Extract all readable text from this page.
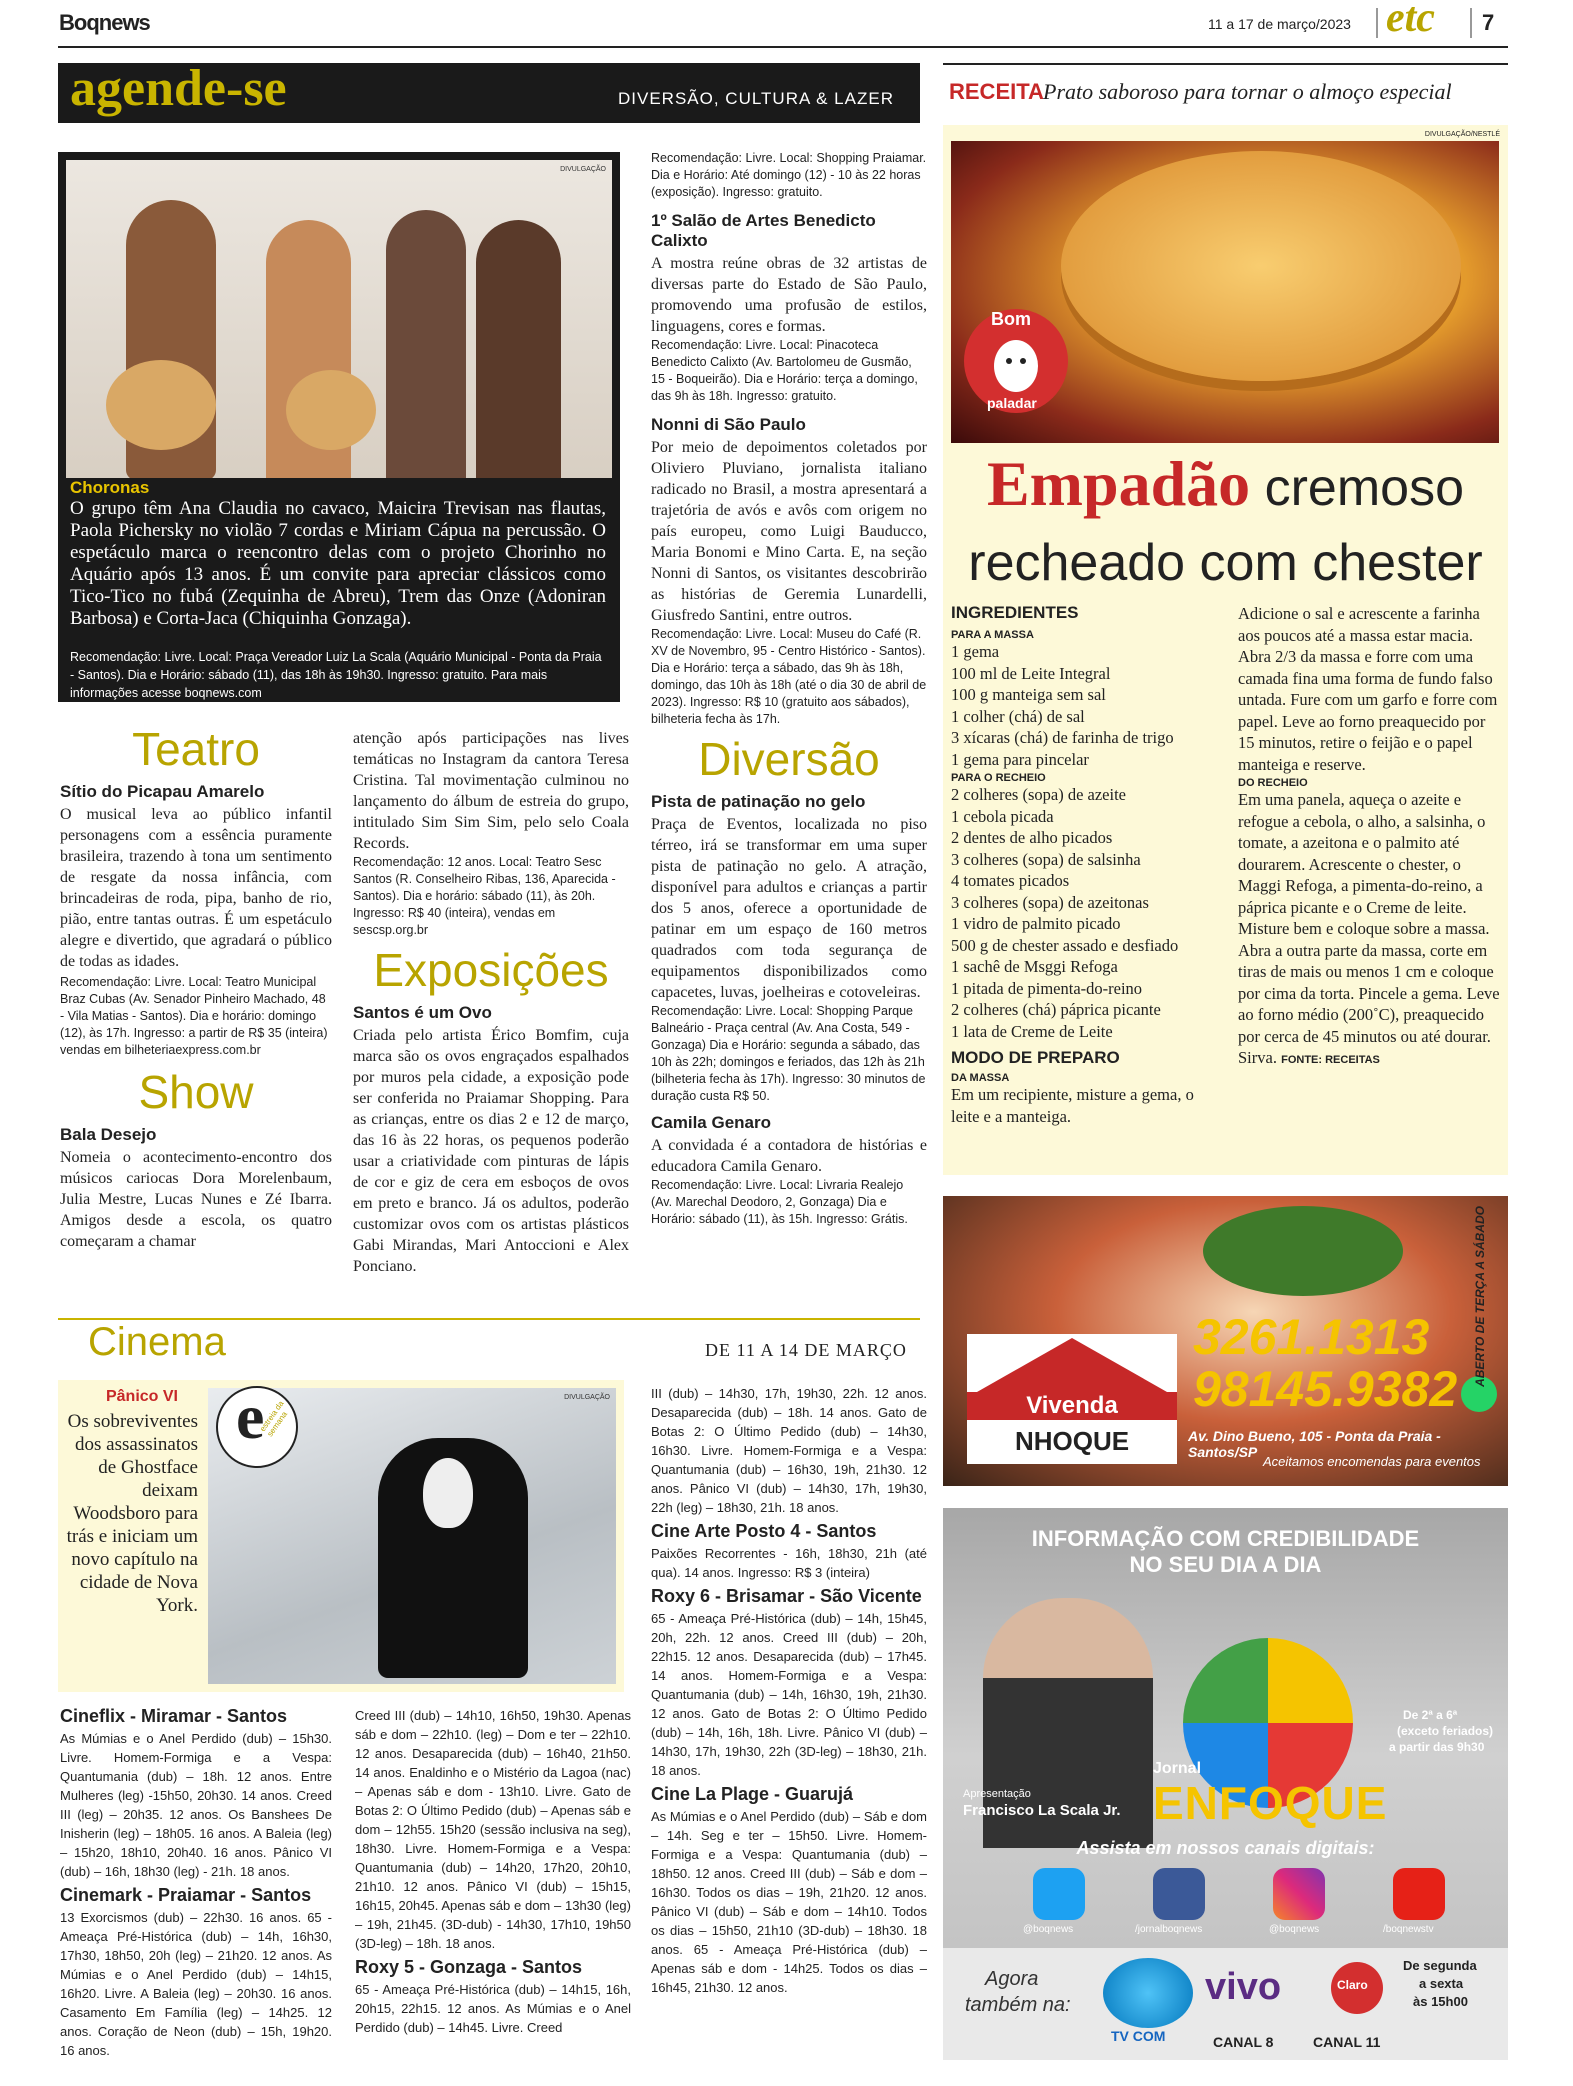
Boqnews	11 a 17 de março/2023 etc 7
agende-se	DIVERSÃO, CULTURA & LAZER
DIVULGAÇÃO
Choronas

O grupo têm Ana Claudia no cavaco, Maicira Trevisan nas flautas, Paola Pichersky no violão 7 cordas e Miriam Cápua na percussão. O espetáculo marca o reencontro delas com o projeto Chorinho no Aquário após 13 anos. É um convite para apreciar clássicos como Tico-Tico no fubá (Zequinha de Abreu), Trem das Onze (Adoniran Barbosa) e Corta-Jaca (Chiquinha Gonzaga).

Recomendação: Livre. Local: Praça Vereador Luiz La Scala (Aquário Municipal - Ponta da Praia - Santos). Dia e Horário: sábado (11), das 18h às 19h30. Ingresso: gratuito. Para mais informações acesse boqnews.com

Teatro
Sítio do Picapau Amarelo

O musical leva ao público infantil personagens com a essência puramente brasileira, trazendo à tona um sentimento de resgate da nossa infância, com brincadeiras de roda, pipa, banho de rio, pião, entre tantas outras. É um espetáculo alegre e divertido, que agradará o público de todas as idades.

Recomendação: Livre. Local: Teatro Municipal Braz Cubas (Av. Senador Pinheiro Machado, 48 - Vila Matias - Santos). Dia e horário: domingo (12), às 17h. Ingresso: a partir de R$ 35 (inteira) vendas em bilheteriaexpress.com.br

Show
Bala Desejo

Nomeia o acontecimento-encontro dos músicos cariocas Dora Morelenbaum, Julia Mestre, Lucas Nunes e Zé Ibarra. Amigos desde a escola, os quatro começaram a chamar

atenção após participações nas lives temáticas no Instagram da cantora Teresa Cristina. Tal movimentação culminou no lançamento do álbum de estreia do grupo, intitulado Sim Sim Sim, pelo selo Coala Records.

Recomendação: 12 anos. Local: Teatro Sesc Santos (R. Conselheiro Ribas, 136, Aparecida - Santos). Dia e horário: sábado (11), às 20h. Ingresso: R$ 40 (inteira), vendas em sescsp.org.br

Exposições
Santos é um Ovo

Criada pelo artista Érico Bomfim, cuja marca são os ovos engraçados espalhados por muros pela cidade, a exposição pode ser conferida no Praiamar Shopping. Para as crianças, entre os dias 2 e 12 de março, das 16 às 22 horas, os pequenos poderão usar a criatividade com pinturas de lápis de cor e giz de cera em esboços de ovos em preto e branco. Já os adultos, poderão customizar ovos com os artistas plásticos Gabi Mirandas, Mari Antoccioni e Alex Ponciano.

Recomendação: Livre. Local: Shopping Praiamar. Dia e Horário: Até domingo (12) - 10 às 22 horas (exposição). Ingresso: gratuito.

1º Salão de Artes Benedicto Calixto

A mostra reúne obras de 32 artistas de diversas parte do Estado de São Paulo, promovendo uma profusão de estilos, linguagens, cores e formas.

Recomendação: Livre. Local: Pinacoteca Benedicto Calixto (Av. Bartolomeu de Gusmão, 15 - Boqueirão). Dia e Horário: terça a domingo, das 9h às 18h. Ingresso: gratuito.

Nonni di São Paulo

Por meio de depoimentos coletados por Oliviero Pluviano, jornalista italiano radicado no Brasil, a mostra apresentará a trajetória de avós e avôs com origem no país europeu, como Luigi Bauducco, Maria Bonomi e Mino Carta. E, na seção Nonni di Santos, os visitantes descobrirão as histórias de Geremia Lunardelli, Giusfredo Santini, entre outros.

Recomendação: Livre. Local: Museu do Café (R. XV de Novembro, 95 - Centro Histórico - Santos). Dia e Horário: terça a sábado, das 9h às 18h, domingo, das 10h às 18h (até o dia 30 de abril de 2023). Ingresso: R$ 10 (gratuito aos sábados), bilheteria fecha às 17h.

Diversão
Pista de patinação no gelo

Praça de Eventos, localizada no piso térreo, irá se transformar em uma super pista de patinação no gelo. A atração, disponível para adultos e crianças a partir dos 5 anos, oferece a oportunidade de patinar em um espaço de 160 metros quadrados com toda segurança de equipamentos disponibilizados como capacetes, luvas, joelheiras e cotoveleiras.

Recomendação: Livre. Local: Shopping Parque Balneário - Praça central (Av. Ana Costa, 549 - Gonzaga) Dia e Horário: segunda a sábado, das 10h às 22h; domingos e feriados, das 12h às 21h (bilheteria fecha às 17h). Ingresso: 30 minutos de duração custa R$ 50.

Camila Genaro

A convidada é a contadora de histórias e educadora Camila Genaro.

Recomendação: Livre. Local: Livraria Realejo (Av. Marechal Deodoro, 2, Gonzaga) Dia e Horário: sábado (11), às 15h. Ingresso: Grátis.

RECEITA Prato saboroso para tornar o almoço especial
DIVULGAÇÃO/NESTLÉ
Bom
paladar
Empadão cremoso
recheado com chester
INGREDIENTES
PARA A MASSA
1 gema
100 ml de Leite Integral
100 g manteiga sem sal
1 colher (chá) de sal
3 xícaras (chá) de farinha de trigo
1 gema para pincelar
PARA O RECHEIO
2 colheres (sopa) de azeite
1 cebola picada
2 dentes de alho picados
3 colheres (sopa) de salsinha
4 tomates picados
3 colheres (sopa) de azeitonas
1 vidro de palmito picado
500 g de chester assado e desfiado
1 sachê de Msggi Refoga
1 pitada de pimenta-do-reino
2 colheres (chá) páprica picante
1 lata de Creme de Leite
MODO DE PREPARO
DA MASSA

Em um recipiente, misture a gema, o leite e a manteiga.

Adicione o sal e acrescente a farinha aos poucos até a massa estar macia. Abra 2/3 da massa e forre com uma camada fina uma forma de fundo falso untada. Fure com um garfo e forre com papel. Leve ao forno preaquecido por 15 minutos, retire o feijão e o papel manteiga e reserve.

DO RECHEIO

Em uma panela, aqueça o azeite e refogue a cebola, o alho, a salsinha, o tomate, a azeitona e o palmito até dourarem. Acrescente o chester, o Maggi Refoga, a pimenta-do-reino, a páprica picante e o Creme de leite. Misture bem e coloque sobre a massa. Abra a outra parte da massa, corte em tiras de mais ou menos 1 cm e coloque por cima da torta. Pincele a gema. Leve ao forno médio (200˚C), preaquecido por cerca de 45 minutos ou até dourar. Sirva. FONTE: RECEITAS

Vivenda
NHOQUE
3261.1313
98145.9382
Av. Dino Bueno, 105 - Ponta da Praia - Santos/SP
Aceitamos encomendas para eventos
ABERTO DE TERÇA A SÁBADO
INFORMAÇÃO COM CREDIBILIDADE
NO SEU DIA A DIA
De 2ª a 6ª
(exceto feriados)
a partir das 9h30
Apresentação
Francisco La Scala Jr.
Jornal
ENFOQUE
Assista em nossos canais digitais:
@boqnews	/jornalboqnews	@boqnews	/boqnewstv
Agora
também na:
TV COM	CANAL 8
vivo	Claro
CANAL 11
De segunda
a sexta
às 15h00
Cinema	DE 11 A 14 DE MARÇO
Pânico VI

Os sobreviventes dos assassinatos de Ghostface deixam Woodsboro para trás e iniciam um novo capítulo na cidade de Nova York.

DIVULGAÇÃO
e
estreia da semana
Cineflix - Miramar - Santos

As Múmias e o Anel Perdido (dub) – 15h30. Livre. Homem-Formiga e a Vespa: Quantumania (dub) – 18h. 12 anos. Entre Mulheres (leg) -15h50, 20h30. 14 anos. Creed III (leg) – 20h35. 12 anos. Os Banshees De Inisherin (leg) – 18h05. 16 anos. A Baleia (leg) – 15h20, 18h10, 20h40. 16 anos. Pânico VI (dub) – 16h, 18h30 (leg) - 21h. 18 anos.

Cinemark - Praiamar - Santos

13 Exorcismos (dub) – 22h30. 16 anos. 65 - Ameaça Pré-Histórica (dub) – 14h, 16h30, 17h30, 18h50, 20h (leg) – 21h20. 12 anos. As Múmias e o Anel Perdido (dub) – 14h15, 16h20. Livre. A Baleia (leg) – 20h30. 16 anos. Casamento Em Família (leg) – 14h25. 12 anos. Coração de Neon (dub) – 15h, 19h20. 16 anos.

Creed III (dub) – 14h10, 16h50, 19h30. Apenas sáb e dom – 22h10. (leg) – Dom e ter – 22h10. 12 anos. Desaparecida (dub) – 16h40, 21h50. 14 anos. Enaldinho e o Mistério da Lagoa (nac) – Apenas sáb e dom - 13h10. Livre. Gato de Botas 2: O Último Pedido (dub) – Apenas sáb e dom – 12h55. 15h20 (sessão inclusiva na seg), 18h30. Livre. Homem-Formiga e a Vespa: Quantumania (dub) – 14h20, 17h20, 20h10, 21h10. 12 anos. Pânico VI (dub) – 15h15, 16h15, 20h45. Apenas sáb e dom – 13h30 (leg) – 19h, 21h45. (3D-dub) - 14h30, 17h10, 19h50 (3D-leg) – 18h. 18 anos.

Roxy 5 - Gonzaga - Santos

65 - Ameaça Pré-Histórica (dub) – 14h15, 16h, 20h15, 22h15. 12 anos. As Múmias e o Anel Perdido (dub) – 14h45. Livre. Creed

III (dub) – 14h30, 17h, 19h30, 22h. 12 anos. Desaparecida (dub) – 18h. 14 anos. Gato de Botas 2: O Último Pedido (dub) – 14h30, 16h30. Livre. Homem-Formiga e a Vespa: Quantumania (dub) – 16h30, 19h, 21h30. 12 anos. Pânico VI (dub) – 14h30, 17h, 19h30, 22h (leg) – 18h30, 21h. 18 anos.

Cine Arte Posto 4 - Santos

Paixões Recorrentes - 16h, 18h30, 21h (até qua). 14 anos. Ingresso: R$ 3 (inteira)

Roxy 6 - Brisamar - São Vicente

65 - Ameaça Pré-Histórica (dub) – 14h, 15h45, 20h, 22h. 12 anos. Creed III (dub) – 20h, 22h15. 12 anos. Desaparecida (dub) – 17h45. 14 anos. Homem-Formiga e a Vespa: Quantumania (dub) – 14h, 16h30, 19h, 21h30. 12 anos. Gato de Botas 2: O Último Pedido (dub) – 14h, 16h, 18h. Livre. Pânico VI (dub) – 14h30, 17h, 19h30, 22h (3D-leg) – 18h30, 21h. 18 anos.

Cine La Plage - Guarujá

As Múmias e o Anel Perdido (dub) – Sáb e dom – 14h. Seg e ter – 15h50. Livre. Homem-Formiga e a Vespa: Quantumania (dub) – 18h50. 12 anos. Creed III (dub) – Sáb e dom – 16h30. Todos os dias – 19h, 21h20. 12 anos. Pânico VI (dub) – Sáb e dom – 14h10. Todos os dias – 15h50, 21h10 (3D-dub) – 18h30. 18 anos. 65 - Ameaça Pré-Histórica (dub) – Apenas sáb e dom - 14h25. Todos os dias – 16h45, 21h30. 12 anos.
